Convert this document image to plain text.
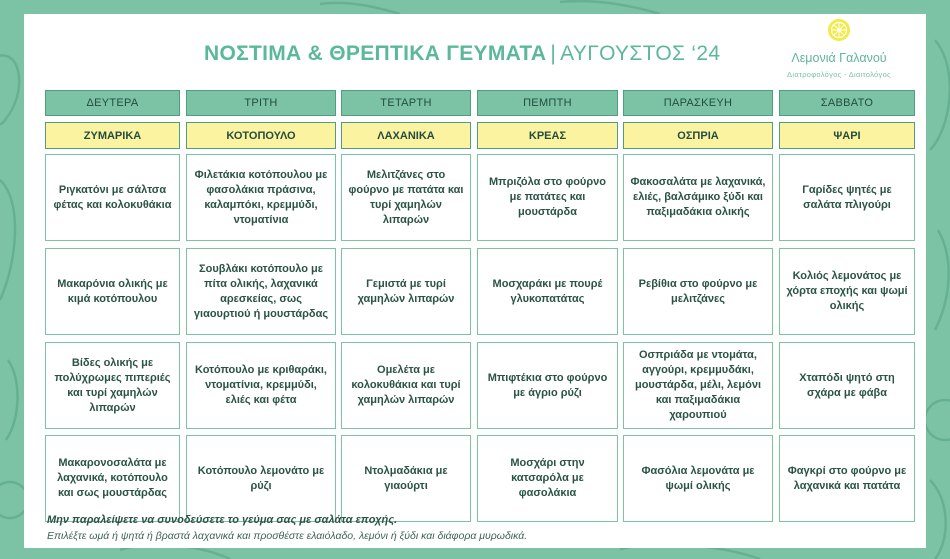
ΝΟΣΤΙΜΑ & ΘΡΕΠΤΙΚΑ ΓΕΥΜΑΤΑ | ΑΥΓΟΥΣΤΟΣ ‘24	Λεμονιά Γαλανού
Διατροφολόγος - Διαιτολόγος
ΔΕΥΤΕΡΑ
ΖΥΜΑΡΙΚΑ
Ριγκατόνι με σάλτσα φέτας και κολοκυθάκια
Μακαρόνια ολικής με κιμά κοτόπουλου
Βίδες ολικής με πολύχρωμες πιπεριές και τυρί χαμηλών λιπαρών
Μακαρονοσαλάτα με λαχανικά, κοτόπουλο και σως μουστάρδας
ΤΡΙΤΗ
ΚΟΤΟΠΟΥΛΟ
Φιλετάκια κοτόπουλου με φασολάκια πράσινα, καλαμπόκι, κρεμμύδι, ντοματίνια
Σουβλάκι κοτόπουλο με πίτα ολικής, λαχανικά αρεσκείας, σως γιαουρτιού ή μουστάρδας
Κοτόπουλο με κριθαράκι, ντοματίνια, κρεμμύδι, ελιές και φέτα
Κοτόπουλο λεμονάτο με ρύζι
ΤΕΤΑΡΤΗ
ΛΑΧΑΝΙΚΑ
Μελιτζάνες στο φούρνο με πατάτα και τυρί χαμηλών λιπαρών
Γεμιστά με τυρί χαμηλών λιπαρών
Ομελέτα με κολοκυθάκια και τυρί χαμηλών λιπαρών
Ντολμαδάκια με γιαούρτι
ΠΕΜΠΤΗ
ΚΡΕΑΣ
Μπριζόλα στο φούρνο με πατάτες και μουστάρδα
Μοσχαράκι με πουρέ γλυκοπατάτας
Μπιφτέκια στο φούρνο με άγριο ρύζι
Μοσχάρι στην κατσαρόλα με φασολάκια
ΠΑΡΑΣΚΕΥΗ
ΟΣΠΡΙΑ
Φακοσαλάτα με λαχανικά, ελιές, βαλσάμικο ξύδι και παξιμαδάκια ολικής
Ρεβίθια στο φούρνο με μελιτζάνες
Οσπριάδα με ντομάτα, αγγούρι, κρεμμυδάκι, μουστάρδα, μέλι, λεμόνι και παξιμαδάκια χαρουπιού
Φασόλια λεμονάτα με ψωμί ολικής
ΣΑΒΒΑΤΟ
ΨΑΡΙ
Γαρίδες ψητές με σαλάτα πλιγούρι
Κολιός λεμονάτος με χόρτα εποχής και ψωμί ολικής
Χταπόδι ψητό στη σχάρα με φάβα
Φαγκρί στο φούρνο με λαχανικά και πατάτα
Μην παραλείψετε να συνοδεύσετε το γεύμα σας με σαλάτα εποχής.
Επιλέξτε ωμά ή ψητά ή βραστά λαχανικά και προσθέστε ελαιόλαδο, λεμόνι ή ξύδι και διάφορα μυρωδικά.
